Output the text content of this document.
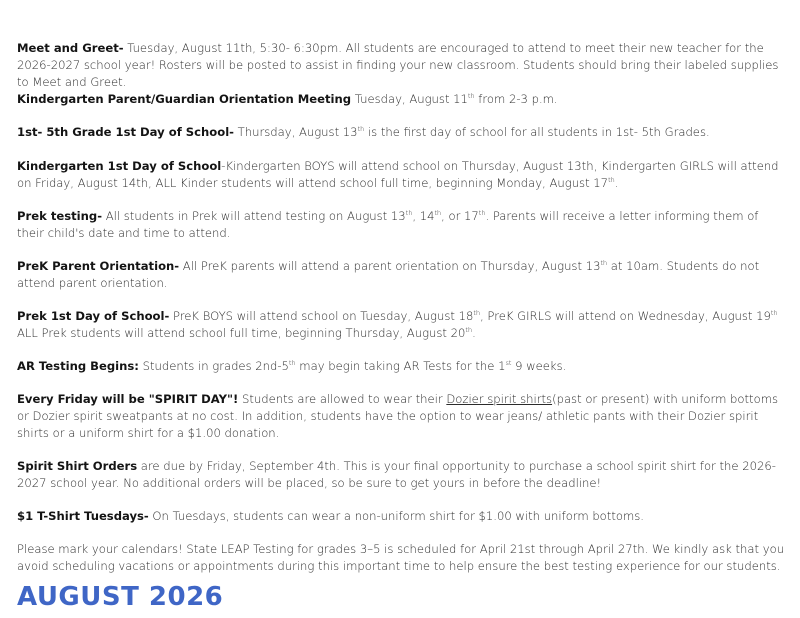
Meet and Greet- Tuesday, August 11th, 5:30- 6:30pm. All students are encouraged to attend to meet their new teacher for the 2026-2027 school year! Rosters will be posted to assist in finding your new classroom. Students should bring their labeled supplies to Meet and Greet.

Kindergarten Parent/Guardian Orientation Meeting Tuesday, August 11th from 2-3 p.m.

1st- 5th Grade 1st Day of School- Thursday, August 13th is the first day of school for all students in 1st- 5th Grades.

Kindergarten 1st Day of School-Kindergarten BOYS will attend school on Thursday, August 13th, Kindergarten GIRLS will attend on Friday, August 14th, ALL Kinder students will attend school full time, beginning Monday, August 17th.

Prek testing- All students in Prek will attend testing on August 13th, 14th, or 17th. Parents will receive a letter informing them of their child's date and time to attend.

PreK Parent Orientation- All PreK parents will attend a parent orientation on Thursday, August 13th at 10am. Students do not attend parent orientation.

Prek 1st Day of School- PreK BOYS will attend school on Tuesday, August 18th, PreK GIRLS will attend on Wednesday, August 19th ALL Prek students will attend school full time, beginning Thursday, August 20th.

AR Testing Begins: Students in grades 2nd-5th may begin taking AR Tests for the 1st 9 weeks.

Every Friday will be "SPIRIT DAY"! Students are allowed to wear their Dozier spirit shirts(past or present) with uniform bottoms or Dozier spirit sweatpants at no cost. In addition, students have the option to wear jeans/ athletic pants with their Dozier spirit shirts or a uniform shirt for a $1.00 donation.

Spirit Shirt Orders are due by Friday, September 4th. This is your final opportunity to purchase a school spirit shirt for the 2026-2027 school year. No additional orders will be placed, so be sure to get yours in before the deadline!

$1 T-Shirt Tuesdays- On Tuesdays, students can wear a non-uniform shirt for $1.00 with uniform bottoms.

Please mark your calendars! State LEAP Testing for grades 3–5 is scheduled for April 21st through April 27th. We kindly ask that you avoid scheduling vacations or appointments during this important time to help ensure the best testing experience for our students.

AUGUST 2026
